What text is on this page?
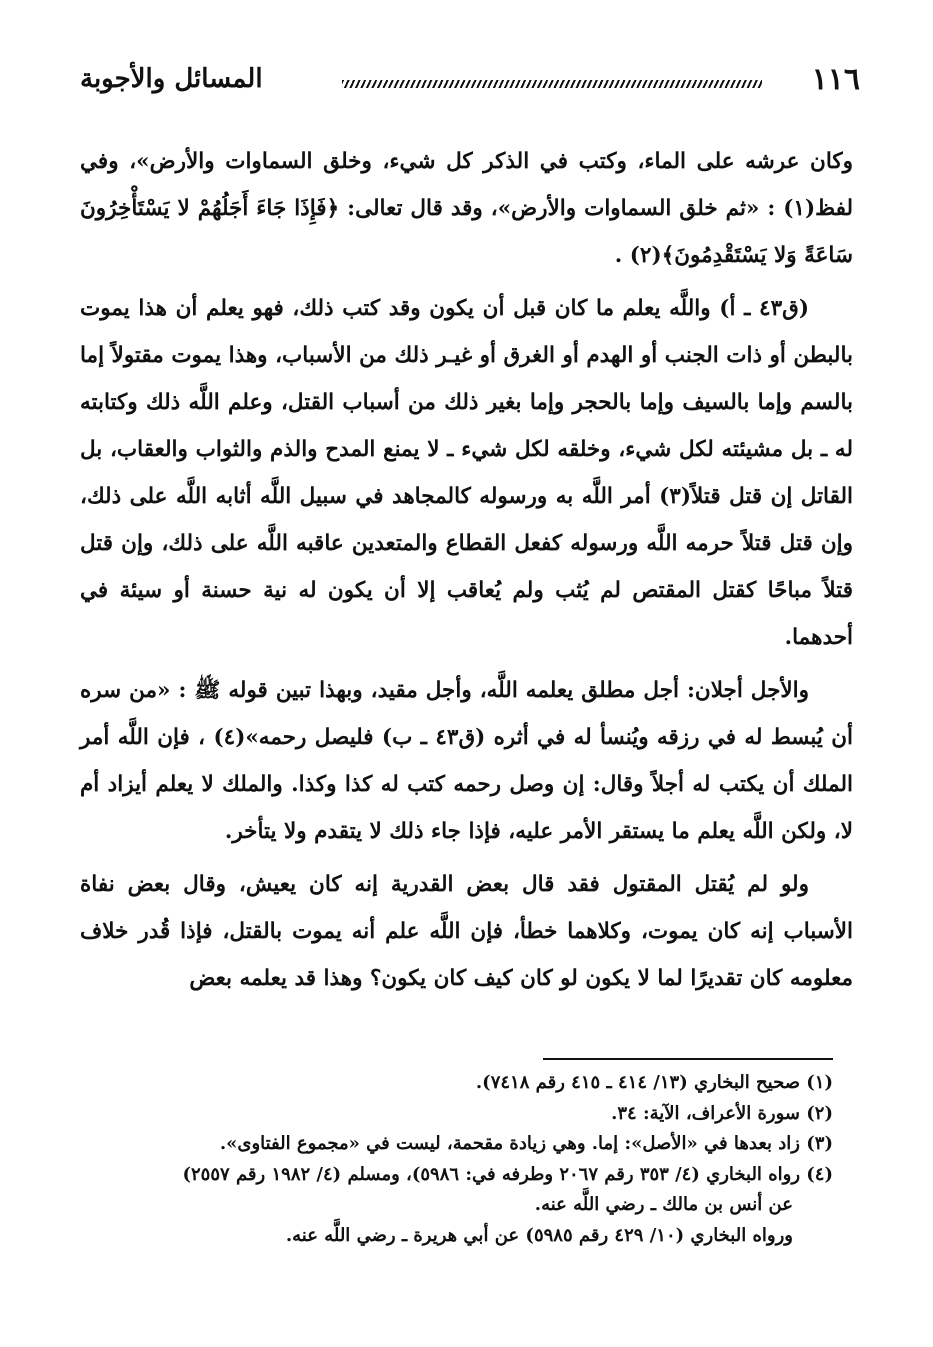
١١٦
المسائل والأجوبة

وكان عرشه على الماء، وكتب في الذكر كل شيء، وخلق السماوات والأرض»، وفي لفظ(١) : «ثم خلق السماوات والأرض»، وقد قال تعالى: ﴿فَإِذَا جَاءَ أَجَلُهُمْ لا يَسْتَأْخِرُونَ سَاعَةً وَلا يَسْتَقْدِمُونَ﴾(٢) .

(ق٤٣ ـ أ) واللَّه يعلم ما كان قبل أن يكون وقد كتب ذلك، فهو يعلم أن هذا يموت بالبطن أو ذات الجنب أو الهدم أو الغرق أو غيـر ذلك من الأسباب، وهذا يموت مقتولاً إما بالسم وإما بالسيف وإما بالحجر وإما بغير ذلك من أسباب القتل، وعلم اللَّه ذلك وكتابته له ـ بل مشيئته لكل شيء، وخلقه لكل شيء ـ لا يمنع المدح والذم والثواب والعقاب، بل القاتل إن قتل قتلاً(٣) أمر اللَّه به ورسوله كالمجاهد في سبيل اللَّه أثابه اللَّه على ذلك، وإن قتل قتلاً حرمه اللَّه ورسوله كفعل القطاع والمتعدين عاقبه اللَّه على ذلك، وإن قتل قتلاً مباحًا كقتل المقتص لم يُثب ولم يُعاقب إلا أن يكون له نية حسنة أو سيئة في أحدهما.

والأجل أجلان: أجل مطلق يعلمه اللَّه، وأجل مقيد، وبهذا تبين قوله ﷺ : «من سره أن يُبسط له في رزقه ويُنسأ له في أثره (ق٤٣ ـ ب) فليصل رحمه»(٤) ، فإن اللَّه أمر الملك أن يكتب له أجلاً وقال: إن وصل رحمه كتب له كذا وكذا. والملك لا يعلم أيزاد أم لا، ولكن اللَّه يعلم ما يستقر الأمر عليه، فإذا جاء ذلك لا يتقدم ولا يتأخر.

ولو لم يُقتل المقتول فقد قال بعض القدرية إنه كان يعيش، وقال بعض نفاة الأسباب إنه كان يموت، وكلاهما خطأ، فإن اللَّه علم أنه يموت بالقتل، فإذا قُدر خلاف معلومه كان تقديرًا لما لا يكون لو كان كيف كان يكون؟ وهذا قد يعلمه بعض

(١) صحيح البخاري (١٣/ ٤١٤ ـ ٤١٥ رقم ٧٤١٨).

(٢) سورة الأعراف، الآية: ٣٤.

(٣) زاد بعدها في «الأصل»: إما. وهي زيادة مقحمة، ليست في «مجموع الفتاوى».

(٤) رواه البخاري (٤/ ٣٥٣ رقم ٢٠٦٧ وطرفه في: ٥٩٨٦)، ومسلم (٤/ ١٩٨٢ رقم ٢٥٥٧)

عن أنس بن مالك ـ رضي اللَّه عنه.

ورواه البخاري (١٠/ ٤٢٩ رقم ٥٩٨٥) عن أبي هريرة ـ رضي اللَّه عنه.
